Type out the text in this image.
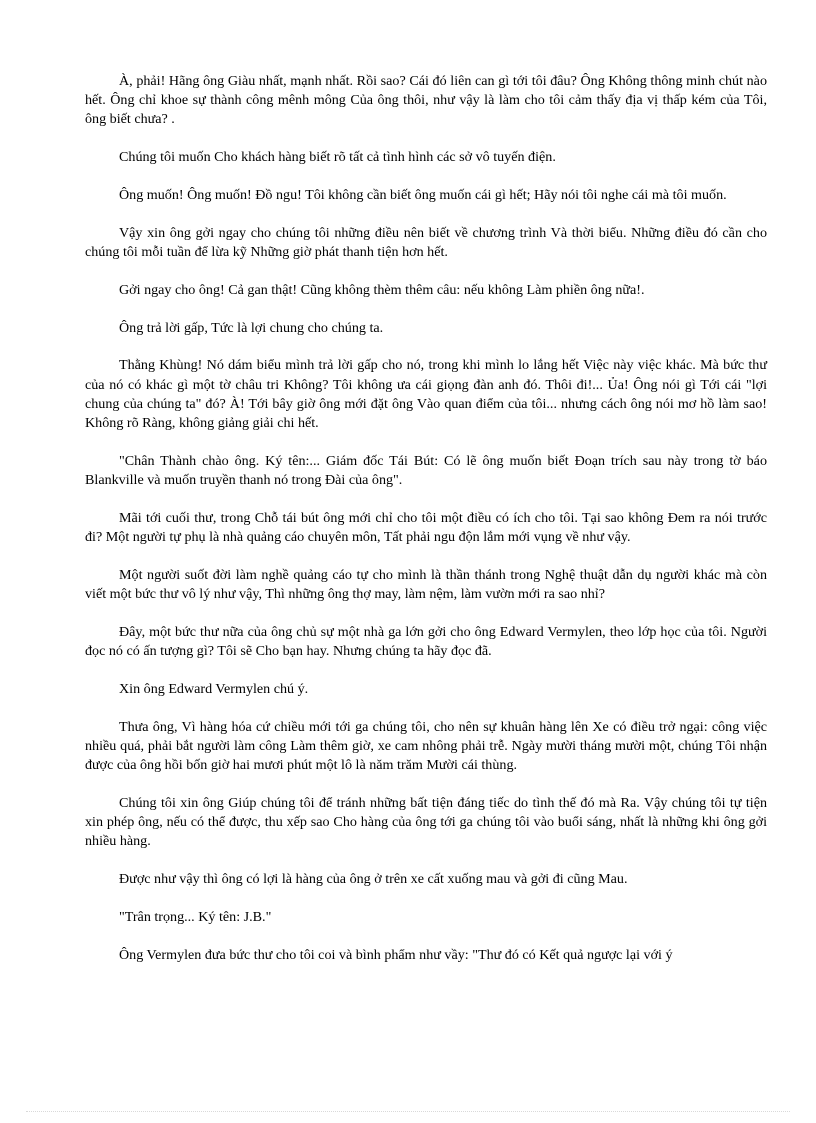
À, phải! Hãng ông Giàu nhất, mạnh nhất. Rồi sao? Cái đó liên can gì tới tôi đâu? Ông Không thông minh chút nào hết. Ông chỉ khoe sự thành công mênh mông Của ông thôi, như vậy là làm cho tôi cảm thấy địa vị thấp kém của Tôi, ông biết chưa? .

Chúng tôi muốn Cho khách hàng biết rõ tất cả tình hình các sở vô tuyến điện.

Ông muốn! Ông muốn! Đồ ngu! Tôi không cần biết ông muốn cái gì hết; Hãy nói tôi nghe cái mà tôi muốn.

Vậy xin ông gởi ngay cho chúng tôi những điều nên biết về chương trình Và thời biểu. Những điều đó cần cho chúng tôi mỗi tuần để lừa kỹ Những giờ phát thanh tiện hơn hết.

Gởi ngay cho ông! Cả gan thật! Cũng không thèm thêm câu: nếu không Làm phiền ông nữa!.

Ông trả lời gấp, Tức là lợi chung cho chúng ta.

Thằng Khùng! Nó dám biểu mình trả lời gấp cho nó, trong khi mình lo lắng hết Việc này việc khác. Mà bức thư của nó có khác gì một tờ châu tri Không? Tôi không ưa cái giọng đàn anh đó. Thôi đi!... Ủa! Ông nói gì Tới cái "lợi chung của chúng ta" đó? À! Tới bây giờ ông mới đặt ông Vào quan điểm của tôi... nhưng cách ông nói mơ hồ làm sao! Không rõ Ràng, không giảng giải chi hết.

"Chân Thành chào ông. Ký tên:... Giám đốc Tái Bút: Có lẽ ông muốn biết Đoạn trích sau này trong tờ báo Blankville và muốn truyền thanh nó trong Đài của ông".

Mãi tới cuối thư, trong Chỗ tái bút ông mới chỉ cho tôi một điều có ích cho tôi. Tại sao không Đem ra nói trước đi? Một người tự phụ là nhà quảng cáo chuyên môn, Tất phải ngu độn lắm mới vụng về như vậy.

Một người suốt đời làm nghề quảng cáo tự cho mình là thần thánh trong Nghệ thuật dẫn dụ người khác mà còn viết một bức thư vô lý như vậy, Thì những ông thợ may, làm nệm, làm vườn mới ra sao nhỉ?

Đây, một bức thư nữa của ông chủ sự một nhà ga lớn gởi cho ông Edward Vermylen, theo lớp học của tôi. Người đọc nó có ấn tượng gì? Tôi sẽ Cho bạn hay. Nhưng chúng ta hãy đọc đã.

Xin ông Edward Vermylen chú ý.

Thưa ông, Vì hàng hóa cứ chiều mới tới ga chúng tôi, cho nên sự khuân hàng lên Xe có điều trở ngại: công việc nhiều quá, phải bắt người làm công Làm thêm giờ, xe cam nhông phải trễ. Ngày mười tháng mười một, chúng Tôi nhận được của ông hồi bốn giờ hai mươi phút một lô là năm trăm Mười cái thùng.

Chúng tôi xin ông Giúp chúng tôi để tránh những bất tiện đáng tiếc do tình thế đó mà Ra. Vậy chúng tôi tự tiện xin phép ông, nếu có thể được, thu xếp sao Cho hàng của ông tới ga chúng tôi vào buổi sáng, nhất là những khi ông gởi nhiều hàng.

Được như vậy thì ông có lợi là hàng của ông ở trên xe cất xuống mau và gởi đi cũng Mau.

"Trân trọng... Ký tên: J.B."

Ông Vermylen đưa bức thư cho tôi coi và bình phẩm như vầy: "Thư đó có Kết quả ngược lại với ý
